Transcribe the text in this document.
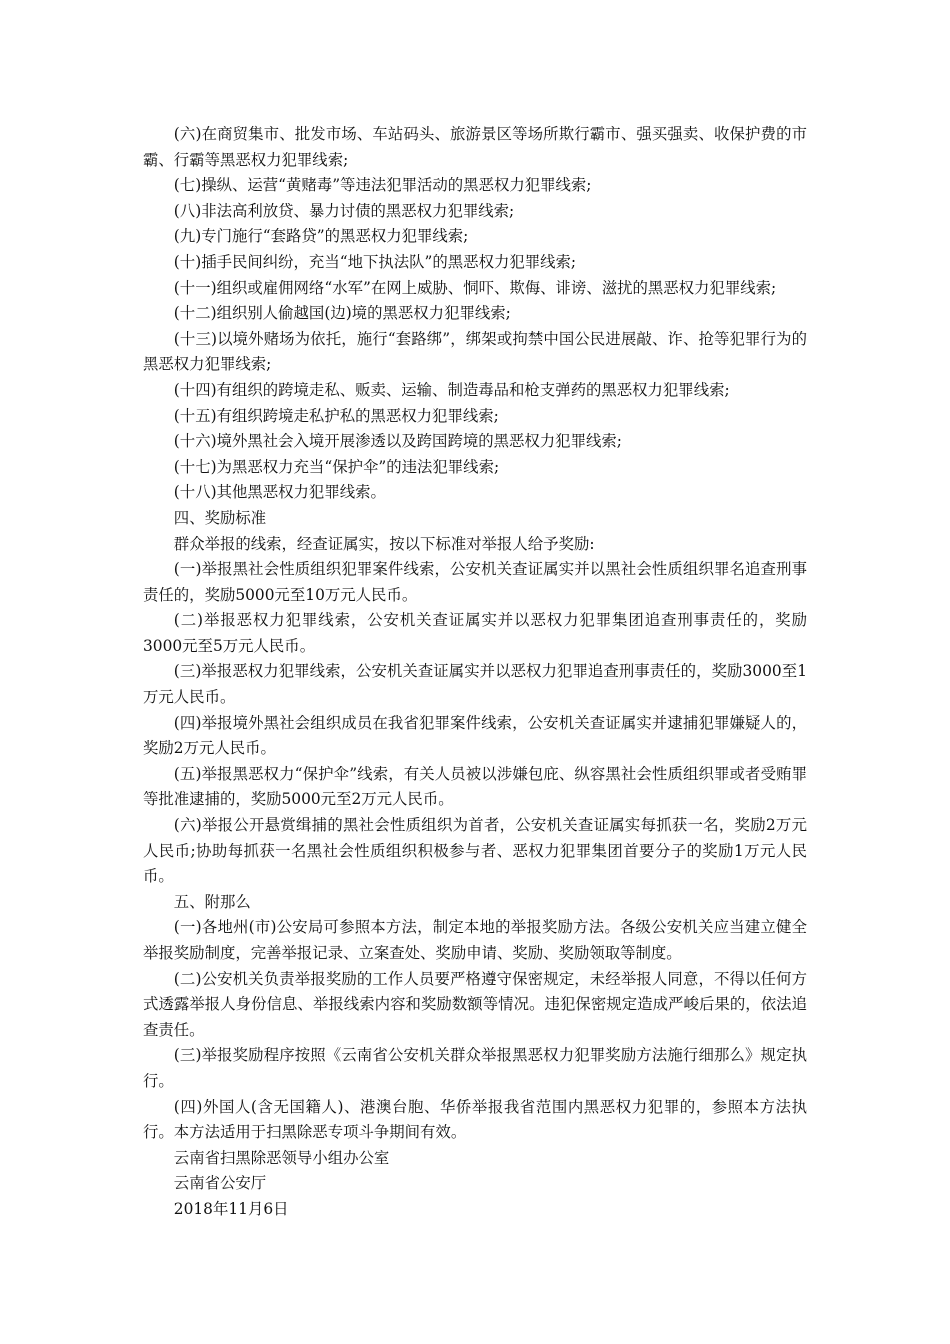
(六)在商贸集市、批发市场、车站码头、旅游景区等场所欺行霸市、强买强卖、收保护费的市霸、行霸等黑恶权力犯罪线索;

(七)操纵、运营“黄赌毒”等违法犯罪活动的黑恶权力犯罪线索;

(八)非法高利放贷、暴力讨债的黑恶权力犯罪线索;

(九)专门施行“套路贷”的黑恶权力犯罪线索;

(十)插手民间纠纷，充当“地下执法队”的黑恶权力犯罪线索;

(十一)组织或雇佣网络“水军”在网上威胁、恫吓、欺侮、诽谤、滋扰的黑恶权力犯罪线索;

(十二)组织别人偷越国(边)境的黑恶权力犯罪线索;

(十三)以境外赌场为依托，施行“套路绑”，绑架或拘禁中国公民进展敲、诈、抢等犯罪行为的黑恶权力犯罪线索;

(十四)有组织的跨境走私、贩卖、运输、制造毒品和枪支弹药的黑恶权力犯罪线索;

(十五)有组织跨境走私护私的黑恶权力犯罪线索;

(十六)境外黑社会入境开展渗透以及跨国跨境的黑恶权力犯罪线索;

(十七)为黑恶权力充当“保护伞”的违法犯罪线索;

(十八)其他黑恶权力犯罪线索。

四、奖励标准

群众举报的线索，经查证属实，按以下标准对举报人给予奖励:

(一)举报黑社会性质组织犯罪案件线索，公安机关查证属实并以黑社会性质组织罪名追查刑事责任的，奖励5000元至10万元人民币。

(二)举报恶权力犯罪线索，公安机关查证属实并以恶权力犯罪集团追查刑事责任的，奖励3000元至5万元人民币。

(三)举报恶权力犯罪线索，公安机关查证属实并以恶权力犯罪追查刑事责任的，奖励3000至1万元人民币。

(四)举报境外黑社会组织成员在我省犯罪案件线索，公安机关查证属实并逮捕犯罪嫌疑人的，奖励2万元人民币。

(五)举报黑恶权力“保护伞”线索，有关人员被以涉嫌包庇、纵容黑社会性质组织罪或者受贿罪等批准逮捕的，奖励5000元至2万元人民币。

(六)举报公开悬赏缉捕的黑社会性质组织为首者，公安机关查证属实每抓获一名，奖励2万元人民币;协助每抓获一名黑社会性质组织积极参与者、恶权力犯罪集团首要分子的奖励1万元人民币。

五、附那么

(一)各地州(市)公安局可参照本方法，制定本地的举报奖励方法。各级公安机关应当建立健全举报奖励制度，完善举报记录、立案查处、奖励申请、奖励、奖励领取等制度。

(二)公安机关负责举报奖励的工作人员要严格遵守保密规定，未经举报人同意，不得以任何方式透露举报人身份信息、举报线索内容和奖励数额等情况。违犯保密规定造成严峻后果的，依法追查责任。

(三)举报奖励程序按照《云南省公安机关群众举报黑恶权力犯罪奖励方法施行细那么》规定执行。

(四)外国人(含无国籍人)、港澳台胞、华侨举报我省范围内黑恶权力犯罪的，参照本方法执行。本方法适用于扫黑除恶专项斗争期间有效。

云南省扫黑除恶领导小组办公室

云南省公安厅

2018年11月6日
